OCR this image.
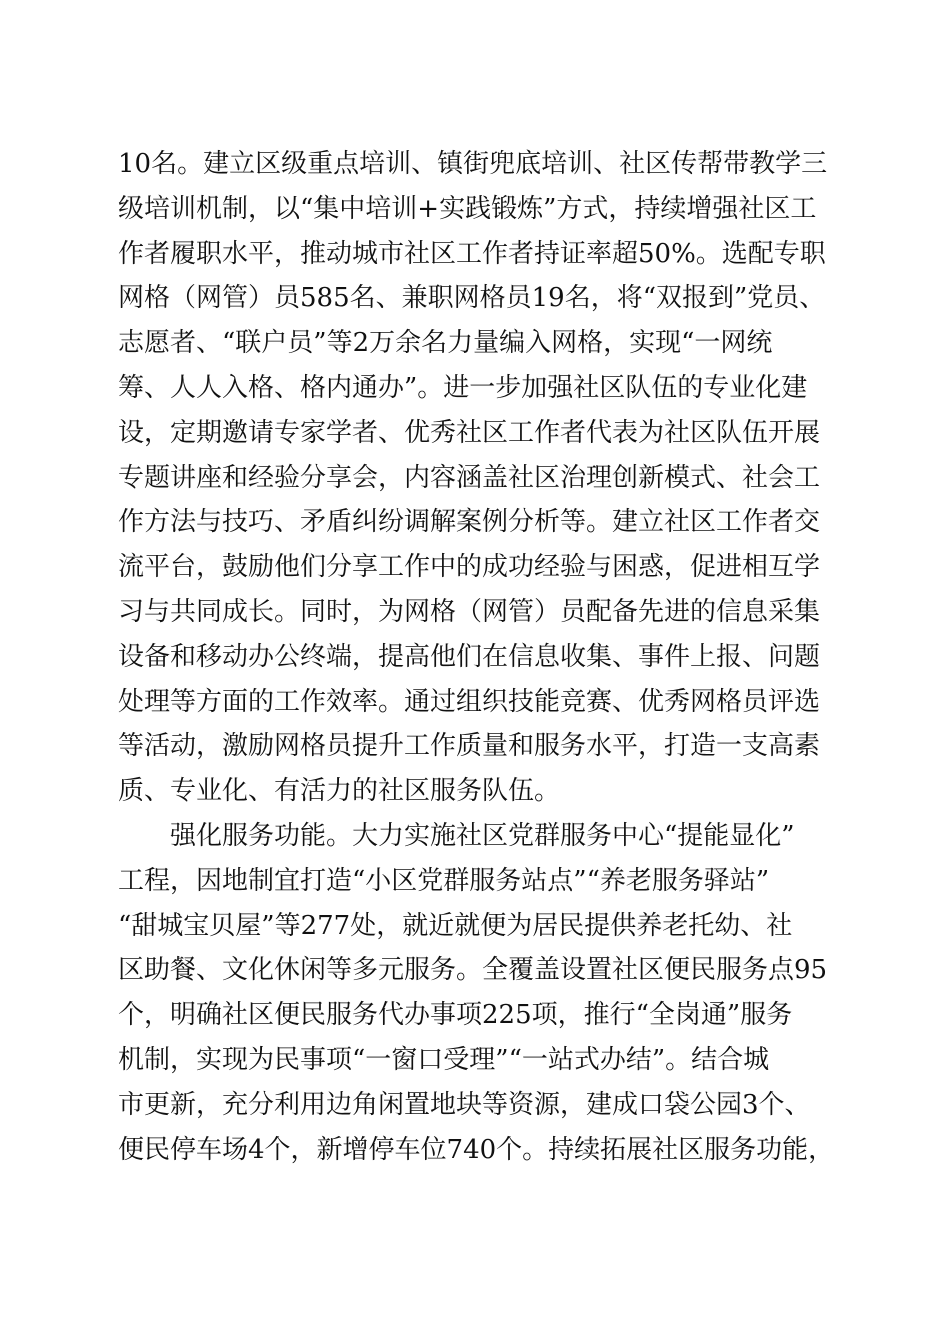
10名。建立区级重点培训、镇街兜底培训、社区传帮带教学三
级培训机制，以“集中培训+实践锻炼”方式，持续增强社区工
作者履职水平，推动城市社区工作者持证率超50%。选配专职
网格（网管）员585名、兼职网格员19名，将“双报到”党员、
志愿者、“联户员”等2万余名力量编入网格，实现“一网统
筹、人人入格、格内通办”。进一步加强社区队伍的专业化建
设，定期邀请专家学者、优秀社区工作者代表为社区队伍开展
专题讲座和经验分享会，内容涵盖社区治理创新模式、社会工
作方法与技巧、矛盾纠纷调解案例分析等。建立社区工作者交
流平台，鼓励他们分享工作中的成功经验与困惑，促进相互学
习与共同成长。同时，为网格（网管）员配备先进的信息采集
设备和移动办公终端，提高他们在信息收集、事件上报、问题
处理等方面的工作效率。通过组织技能竞赛、优秀网格员评选
等活动，激励网格员提升工作质量和服务水平，打造一支高素
质、专业化、有活力的社区服务队伍。
强化服务功能。大力实施社区党群服务中心“提能显化”
工程，因地制宜打造“小区党群服务站点”“养老服务驿站”
“甜城宝贝屋”等277处，就近就便为居民提供养老托幼、社
区助餐、文化休闲等多元服务。全覆盖设置社区便民服务点95
个，明确社区便民服务代办事项225项，推行“全岗通”服务
机制，实现为民事项“一窗口受理”“一站式办结”。结合城
市更新，充分利用边角闲置地块等资源，建成口袋公园3个、
便民停车场4个，新增停车位740个。持续拓展社区服务功能，
